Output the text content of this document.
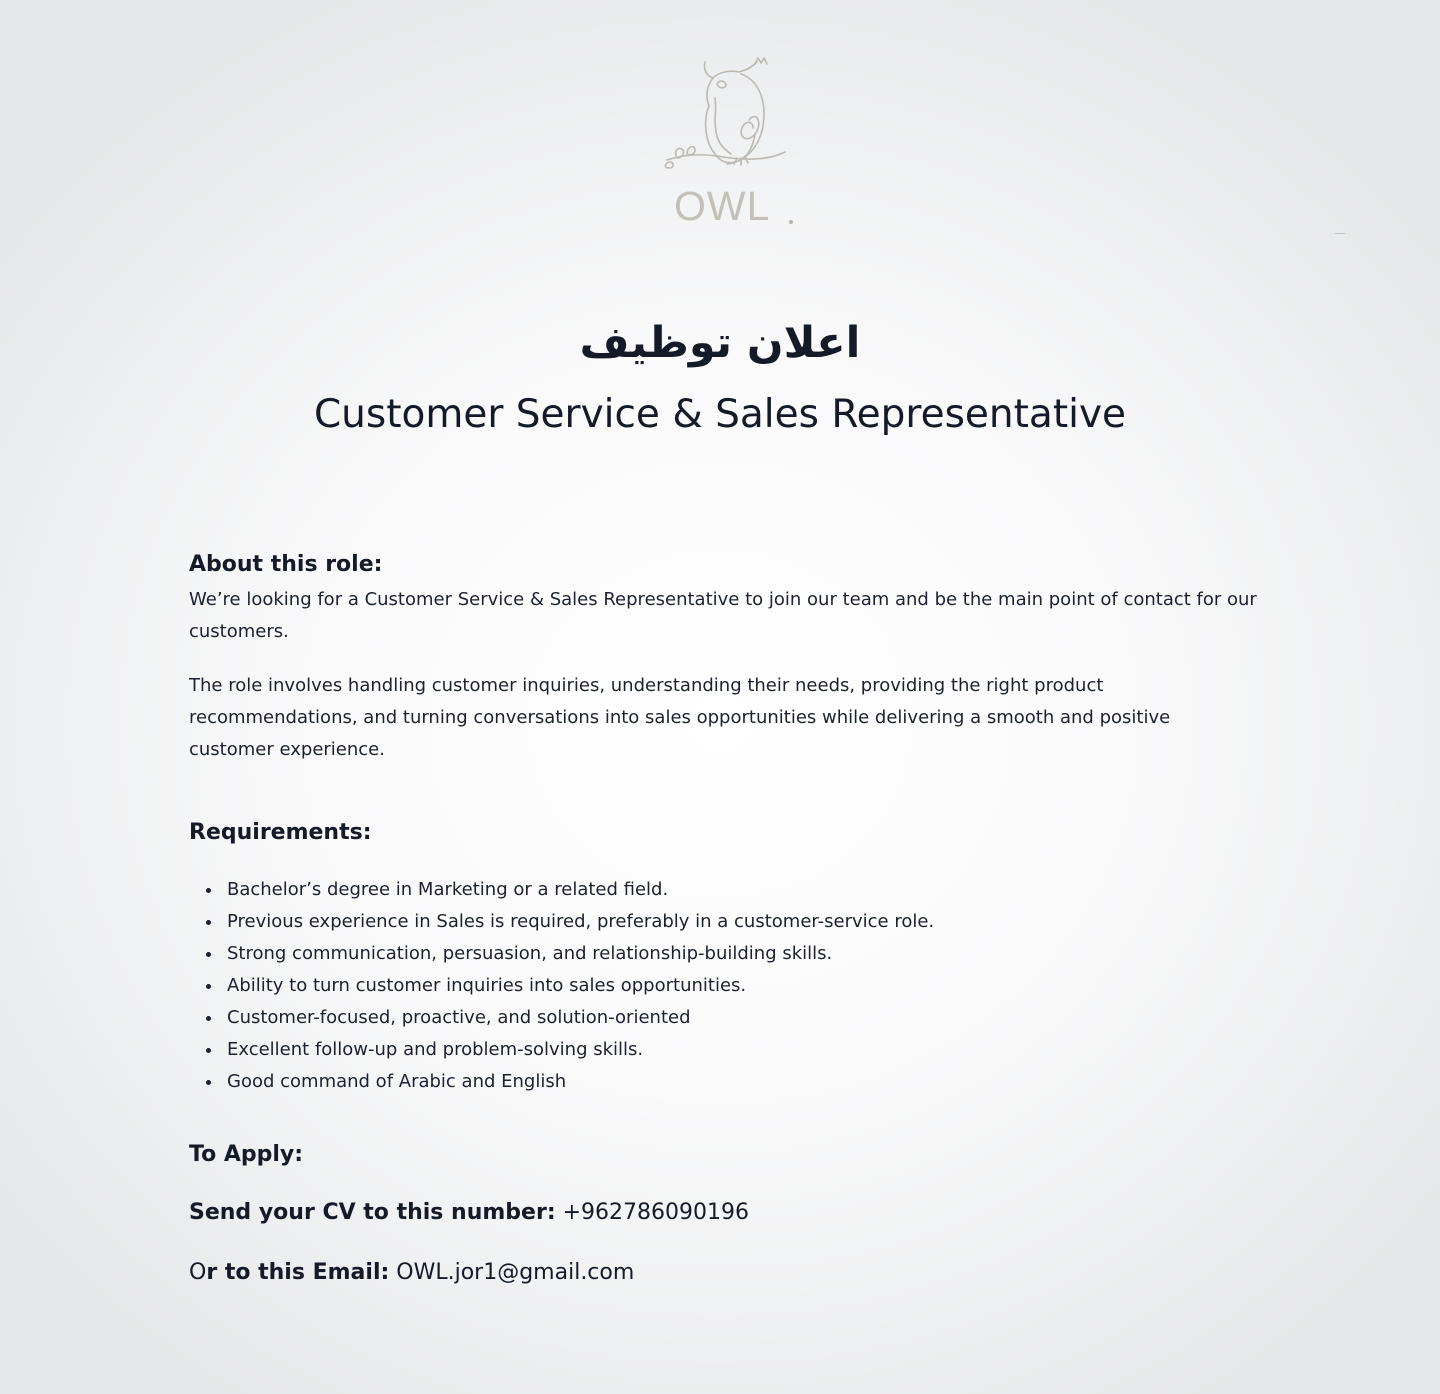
OWL
اعلان توظيف
Customer Service & Sales Representative
About this role:

We’re looking for a Customer Service & Sales Representative to join our team and be the main point of contact for our customers.

The role involves handling customer inquiries, understanding their needs, providing the right product recommendations, and turning conversations into sales opportunities while delivering a smooth and positive customer experience.

Requirements:
Bachelor’s degree in Marketing or a related field.
Previous experience in Sales is required, preferably in a customer-service role.
Strong communication, persuasion, and relationship-building skills.
Ability to turn customer inquiries into sales opportunities.
Customer-focused, proactive, and solution-oriented
Excellent follow-up and problem-solving skills.
Good command of Arabic and English
To Apply:

Send your CV to this number: +962786090196

Or to this Email: OWL.jor1@gmail.com
